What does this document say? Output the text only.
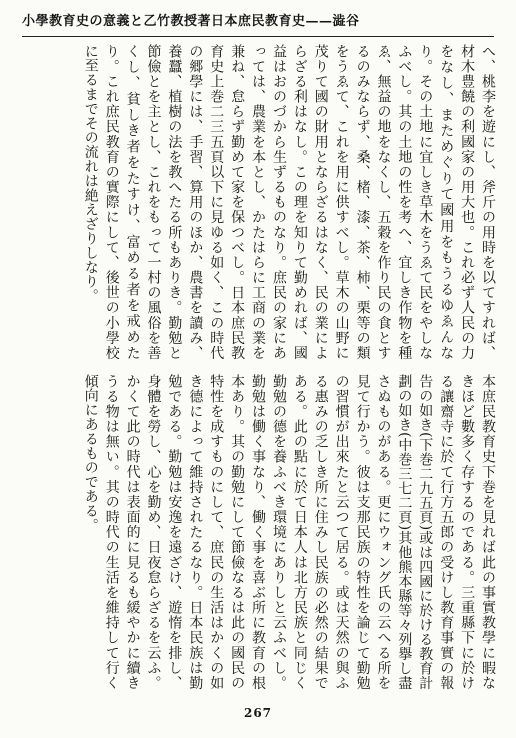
小學教育史の意義と乙竹教授著日本庶民教育史——澁谷
へ、桃李を遊にし、斧斤の用時を以てすれば、材木豊饒の利國家の用大也。これ必ず人民の力をなし、まためぐりて國用をもうるゆゑんなり。その土地に宜しき草木をうゑて民をやしなふべし。其の土地の性を考へ、宜しき作物を種ゑ、無益の地をなくし、五穀を作り民の食とするのみならず、桑、楮、漆、茶、柿、栗等の類をうゑて、これを用に供すべし。草木の山野に茂りて國の財用とならざるはなく、民の業によらざる利はなし。この理を知りて勤めれば、國益はおのづから生ずるものなり。庶民の家にあっては、農業を本とし、かたはらに工商の業を兼ね、怠らず勤めて家を保つべし。日本庶民教育史上巻二三五頁以下に見ゆる如く、この時代の郷學には、手習、算用のほか、農書を讀み、養蠶、植樹の法を教へたる所もありき。勤勉と節儉とを主とし、これをもって一村の風俗を善くし、貧しき者をたすけ、富める者を戒めたり。これ庶民教育の實際にして、後世の小學校に至るまでその流れは絶えざりしなり。
本庶民教育史下巻を見れば此の事實教學に暇なきほど數多く存するのである。三重縣下に於ける讓齋寺に於て行方五郎の受けし教育事實の報告の如き(下巻二九五頁)或は四國に於ける教育計劃の如き(中巻三七二頁)其他熊本縣等々列擧し盡さぬものがある。更にウォング氏の云へる所を見て行かう。彼は支那民族の特性を論じて勤勉の習慣が出來たと云つて居る。或は天然の與ふる惠みの乏しき所に住みし民族の必然の結果である。此の點に於て日本人は北方民族と同じく勤勉の德を養ふべき環境にありしと云ふべし。勤勉は働く事なり、働く事を喜ぶ所に教育の根本あり。其の勤勉にして節儉なるは此の國民の特性を成すものにして、庶民の生活はかくの如き德によって維持されたるなり。日本民族は勤勉である。勤勉は安逸を遠ざけ、遊惰を排し、身體を勞し、心を勤め、日夜怠らざるを云ふ。かくて此の時代は表面的に見るも緩やかに續きうる物は無い。其の時代の生活を維持して行く傾向にあるものである。
267
